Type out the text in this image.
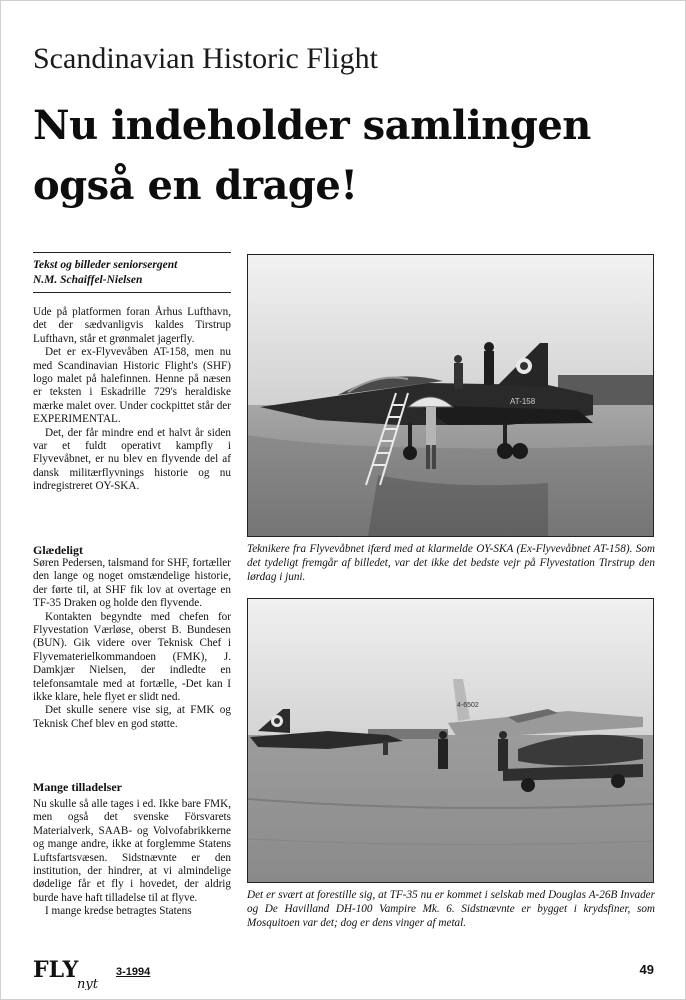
Scandinavian Historic Flight
Nu indeholder samlingen også en drage!
Tekst og billeder seniorsergent
N.M. Schaiffel-Nielsen

Ude på platformen foran Århus Lufthavn, det der sædvanligvis kaldes Tirstrup Lufthavn, står et grønmalet jagerfly.

Det er ex-Flyvevåben AT-158, men nu med Scandinavian Historic Flight's (SHF) logo malet på halefinnen. Henne på næsen er teksten i Eskadrille 729's heraldiske mærke malet over. Under cockpittet står der EXPERIMENTAL.

Det, der får mindre end et halvt år siden var et fuldt operativt kampfly i Flyvevåbnet, er nu blev en flyvende del af dansk militærflyvnings historie og nu indregistreret OY-SKA.

Glædeligt

Søren Pedersen, talsmand for SHF, fortæller den lange og noget omstændelige historie, der førte til, at SHF fik lov at overtage en TF-35 Draken og holde den flyvende.

Kontakten begyndte med chefen for Flyvestation Værløse, oberst B. Bundesen (BUN). Gik videre over Teknisk Chef i Flyvematerielkommandoen (FMK), J. Damkjær Nielsen, der indledte en telefonsamtale med at fortælle, -Det kan I ikke klare, hele flyet er slidt ned.

Det skulle senere vise sig, at FMK og Teknisk Chef blev en god støtte.

Mange tilladelser

Nu skulle så alle tages i ed. Ikke bare FMK, men også det svenske Försvarets Materialverk, SAAB- og Volvofabrikkerne og mange andre, ikke at forglemme Statens Luftsfartsvæsen. Sidstnævnte er den institution, der hindrer, at vi almindelige dødelige får et fly i hovedet, der aldrig burde have haft tilladelse til at flyve.

I mange kredse betragtes Statens

AT-158
Teknikere fra Flyvevåbnet ifærd med at klarmelde OY-SKA (Ex-Flyvevåbnet AT-158). Som det tydeligt fremgår af billedet, var det ikke det bedste vejr på Flyvestation Tirstrup den lørdag i juni.
4-6502
Det er svært at forestille sig, at TF-35 nu er kommet i selskab med Douglas A-26B Invader og De Havilland DH-100 Vampire Mk. 6. Sidstnævnte er bygget i krydsfiner, som Mosquitoen var det; dog er dens vinger af metal.
FLY
nyt
3-1994	49
